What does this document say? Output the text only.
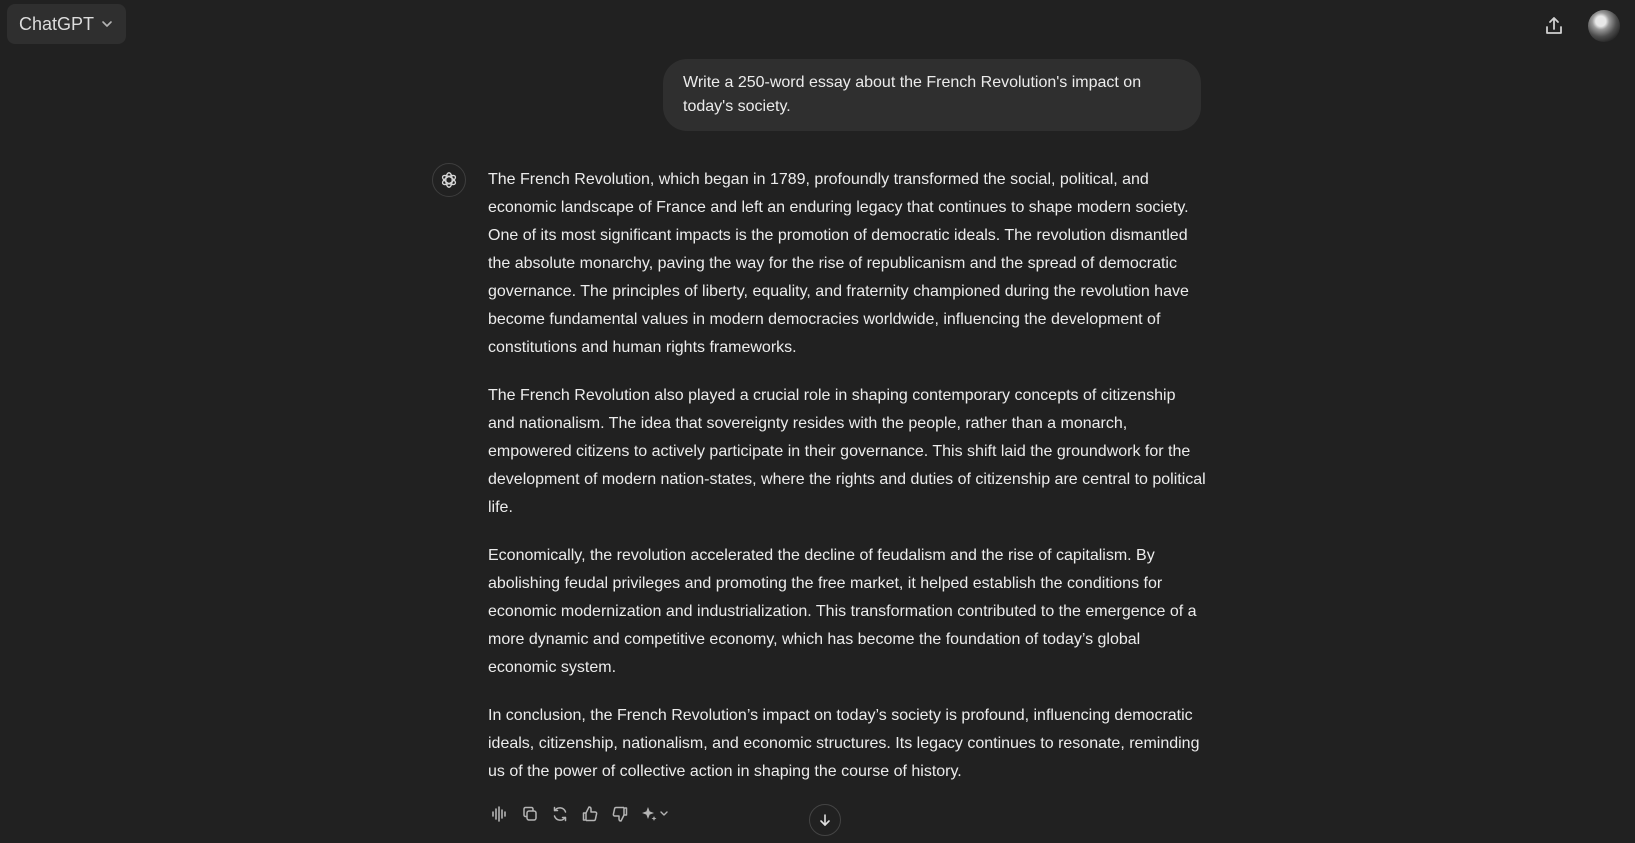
ChatGPT
Write a 250-word essay about the French Revolution's impact on today's society.

The French Revolution, which began in 1789, profoundly transformed the social, political, and economic landscape of France and left an enduring legacy that continues to shape modern society. One of its most significant impacts is the promotion of democratic ideals. The revolution dismantled the absolute monarchy, paving the way for the rise of republicanism and the spread of democratic governance. The principles of liberty, equality, and fraternity championed during the revolution have become fundamental values in modern democracies worldwide, influencing the development of constitutions and human rights frameworks.

The French Revolution also played a crucial role in shaping contemporary concepts of citizenship and nationalism. The idea that sovereignty resides with the people, rather than a monarch, empowered citizens to actively participate in their governance. This shift laid the groundwork for the development of modern nation-states, where the rights and duties of citizenship are central to political life.

Economically, the revolution accelerated the decline of feudalism and the rise of capitalism. By abolishing feudal privileges and promoting the free market, it helped establish the conditions for economic modernization and industrialization. This transformation contributed to the emergence of a more dynamic and competitive economy, which has become the foundation of today’s global economic system.

In conclusion, the French Revolution’s impact on today’s society is profound, influencing democratic ideals, citizenship, nationalism, and economic structures. Its legacy continues to resonate, reminding us of the power of collective action in shaping the course of history.
